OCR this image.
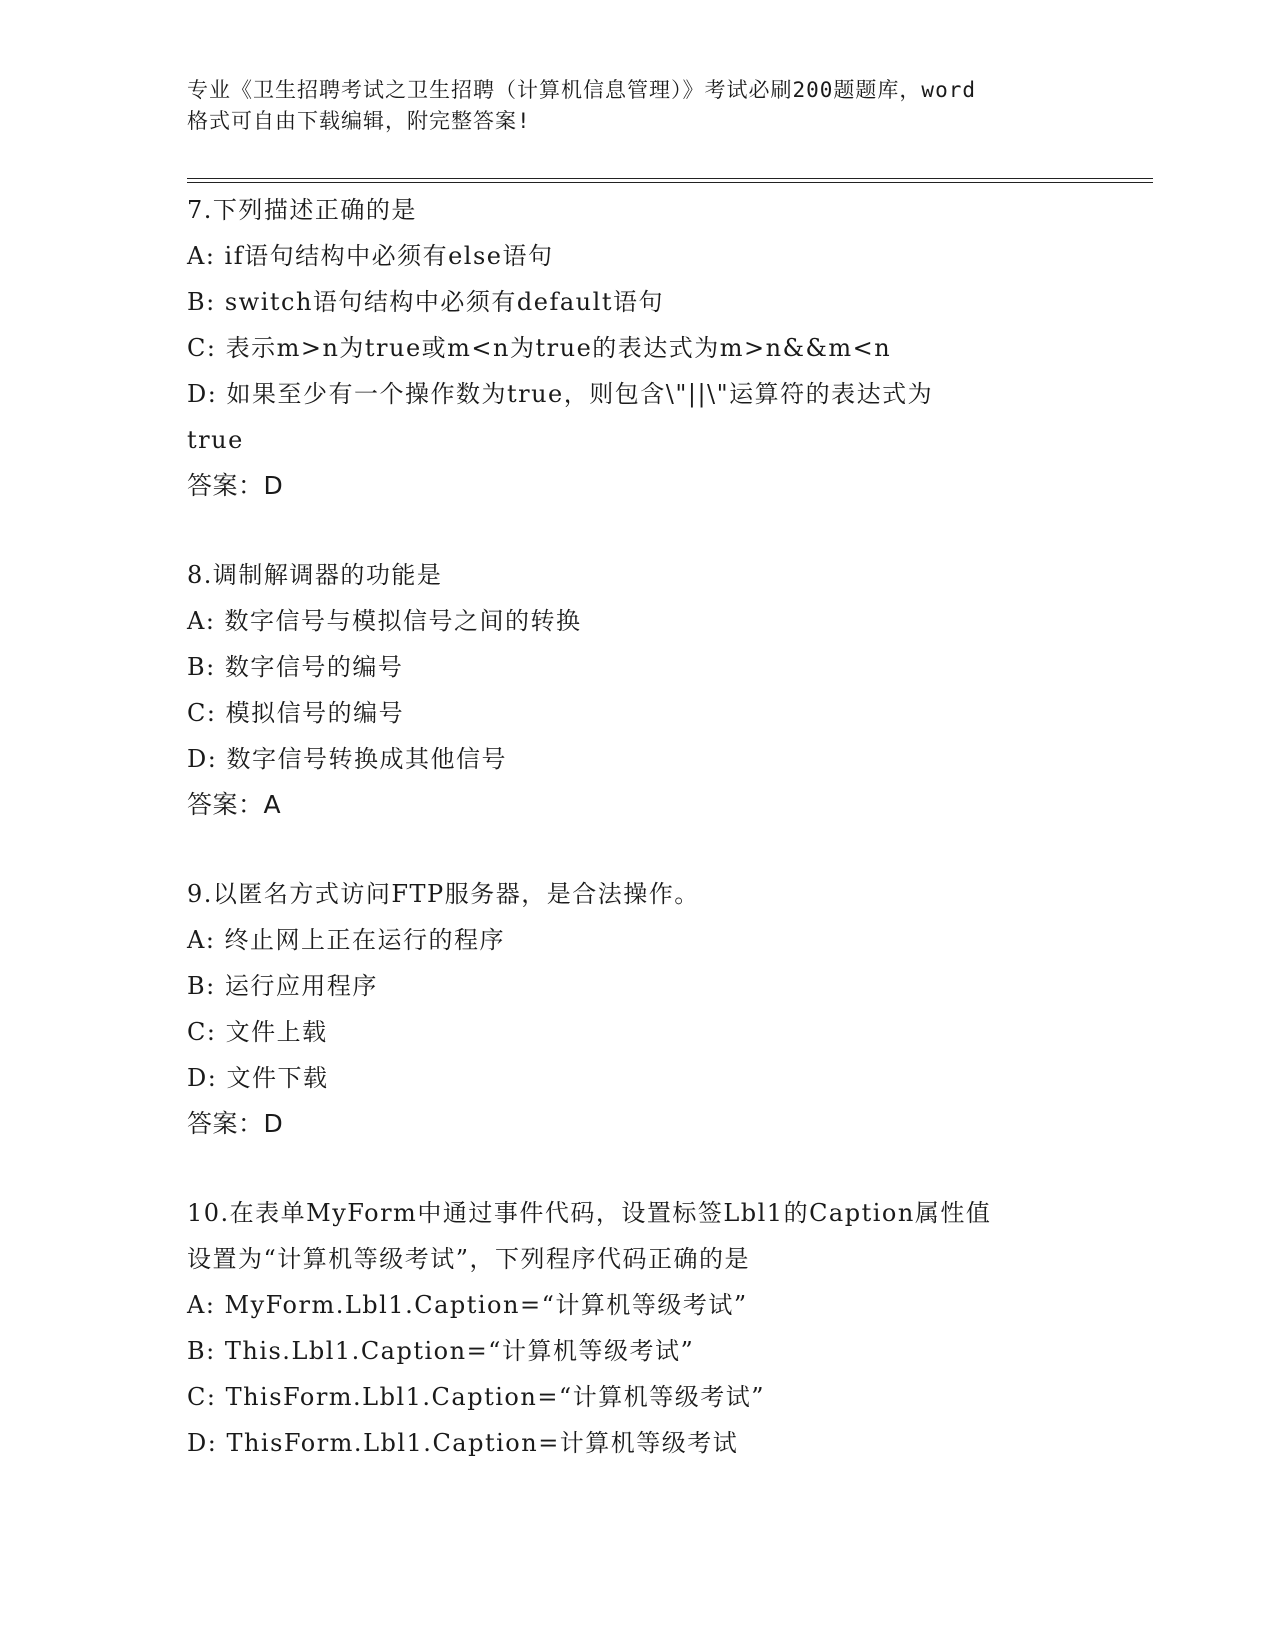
专业《卫生招聘考试之卫生招聘（计算机信息管理）》考试必刷200题题库，word
格式可自由下载编辑，附完整答案!
7.下列描述正确的是
A: if语句结构中必须有else语句
B: switch语句结构中必须有default语句
C: 表示m>n为true或m<n为true的表达式为m>n&&m<n
D: 如果至少有一个操作数为true，则包含\"||\"运算符的表达式为
true
答案：D
8.调制解调器的功能是
A: 数字信号与模拟信号之间的转换
B: 数字信号的编号
C: 模拟信号的编号
D: 数字信号转换成其他信号
答案：A
9.以匿名方式访问FTP服务器，是合法操作。
A: 终止网上正在运行的程序
B: 运行应用程序
C: 文件上载
D: 文件下载
答案：D
10.在表单MyForm中通过事件代码，设置标签Lbl1的Caption属性值
设置为“计算机等级考试”，下列程序代码正确的是
A: MyForm.Lbl1.Caption=“计算机等级考试”
B: This.Lbl1.Caption=“计算机等级考试”
C: ThisForm.Lbl1.Caption=“计算机等级考试”
D: ThisForm.Lbl1.Caption=计算机等级考试
